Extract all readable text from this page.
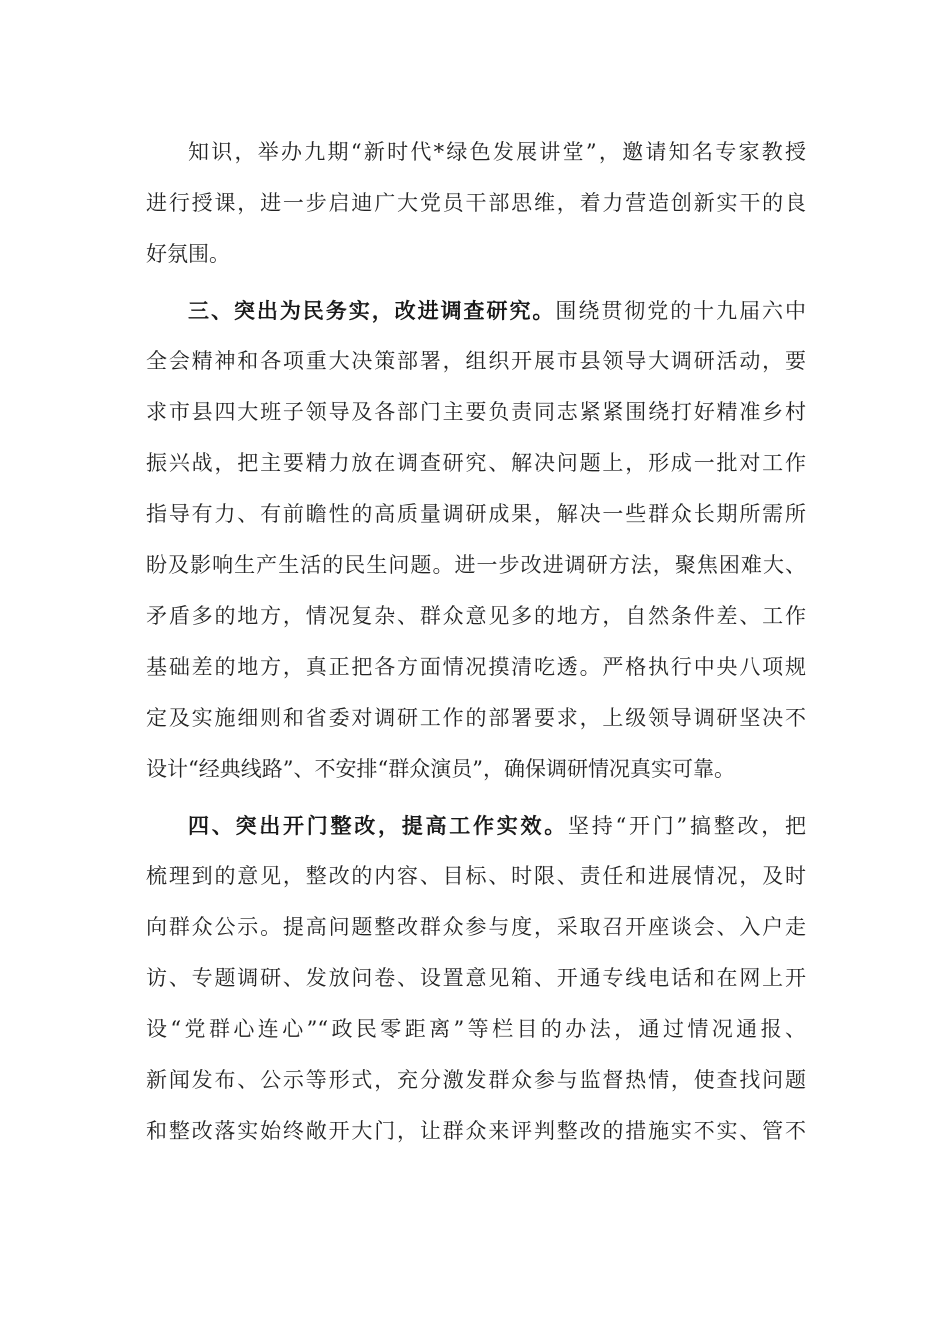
知识，举办九期“新时代*绿色发展讲堂”，邀请知名专家教授
进行授课，进一步启迪广大党员干部思维，着力营造创新实干的良
好氛围。
三、突出为民务实，改进调查研究。围绕贯彻党的十九届六中
全会精神和各项重大决策部署，组织开展市县领导大调研活动，要
求市县四大班子领导及各部门主要负责同志紧紧围绕打好精准乡村
振兴战，把主要精力放在调查研究、解决问题上，形成一批对工作
指导有力、有前瞻性的高质量调研成果，解决一些群众长期所需所
盼及影响生产生活的民生问题。进一步改进调研方法，聚焦困难大、
矛盾多的地方，情况复杂、群众意见多的地方，自然条件差、工作
基础差的地方，真正把各方面情况摸清吃透。严格执行中央八项规
定及实施细则和省委对调研工作的部署要求，上级领导调研坚决不
设计“经典线路”、不安排“群众演员”，确保调研情况真实可靠。
四、突出开门整改，提高工作实效。坚持“开门”搞整改，把
梳理到的意见，整改的内容、目标、时限、责任和进展情况，及时
向群众公示。提高问题整改群众参与度，采取召开座谈会、入户走
访、专题调研、发放问卷、设置意见箱、开通专线电话和在网上开
设“党群心连心”“政民零距离”等栏目的办法，通过情况通报、
新闻发布、公示等形式，充分激发群众参与监督热情，使查找问题
和整改落实始终敞开大门，让群众来评判整改的措施实不实、管不
